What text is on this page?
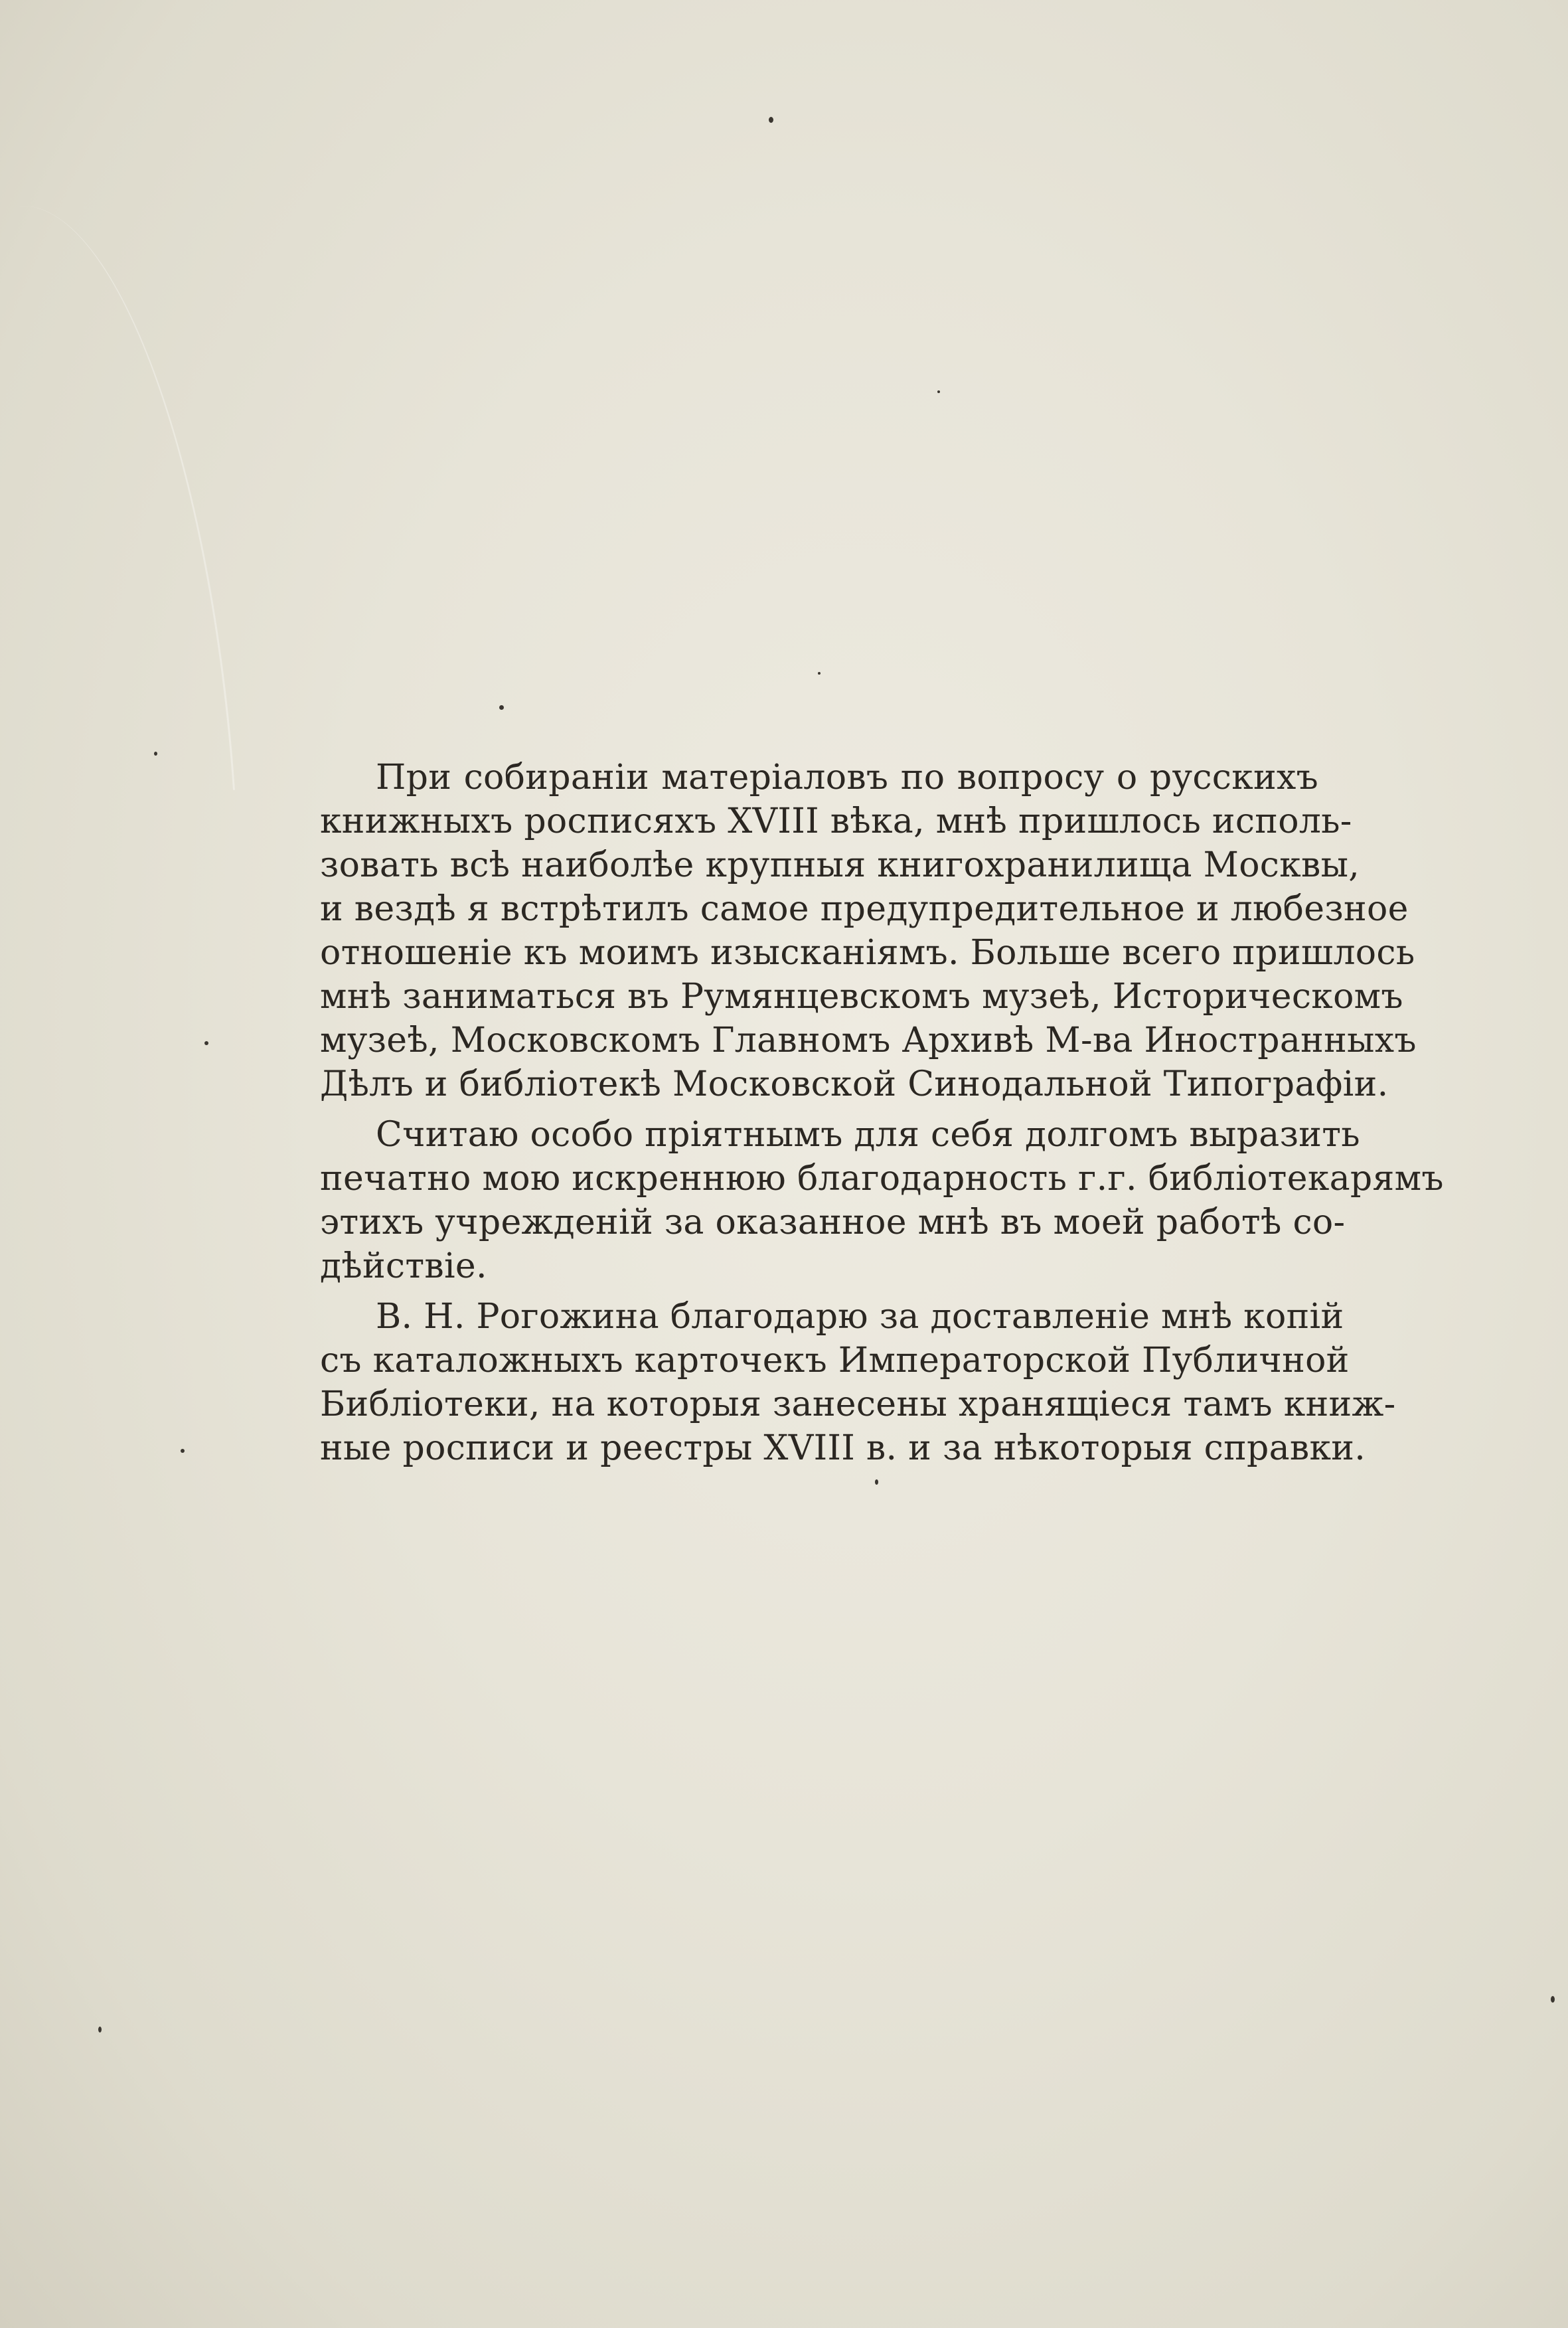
При собиранiи матерiаловъ по вопросу о русскихъ
книжныхъ росписяхъ XVIII вѣка, мнѣ пришлось исполь-
зовать всѣ наиболѣе крупныя книгохранилища Москвы,
и вездѣ я встрѣтилъ самое предупредительное и любезное
отношенiе къ моимъ изысканiямъ. Больше всего пришлось
мнѣ заниматься въ Румянцевскомъ музеѣ, Историческомъ
музеѣ, Московскомъ Главномъ Архивѣ М-ва Иностранныхъ
Дѣлъ и библiотекѣ Московской Синодальной Типографiи.

Считаю особо прiятнымъ для себя долгомъ выразить
печатно мою искреннюю благодарность г.г. библiотекарямъ
этихъ учрежденiй за оказанное мнѣ въ моей работѣ со-
дѣйствiе.

В. Н. Рогожина благодарю за доставленiе мнѣ копiй
съ каталожныхъ карточекъ Императорской Публичной
Библiотеки, на которыя занесены хранящiеся тамъ книж-
ные росписи и реестры XVIII в. и за нѣкоторыя справки.
